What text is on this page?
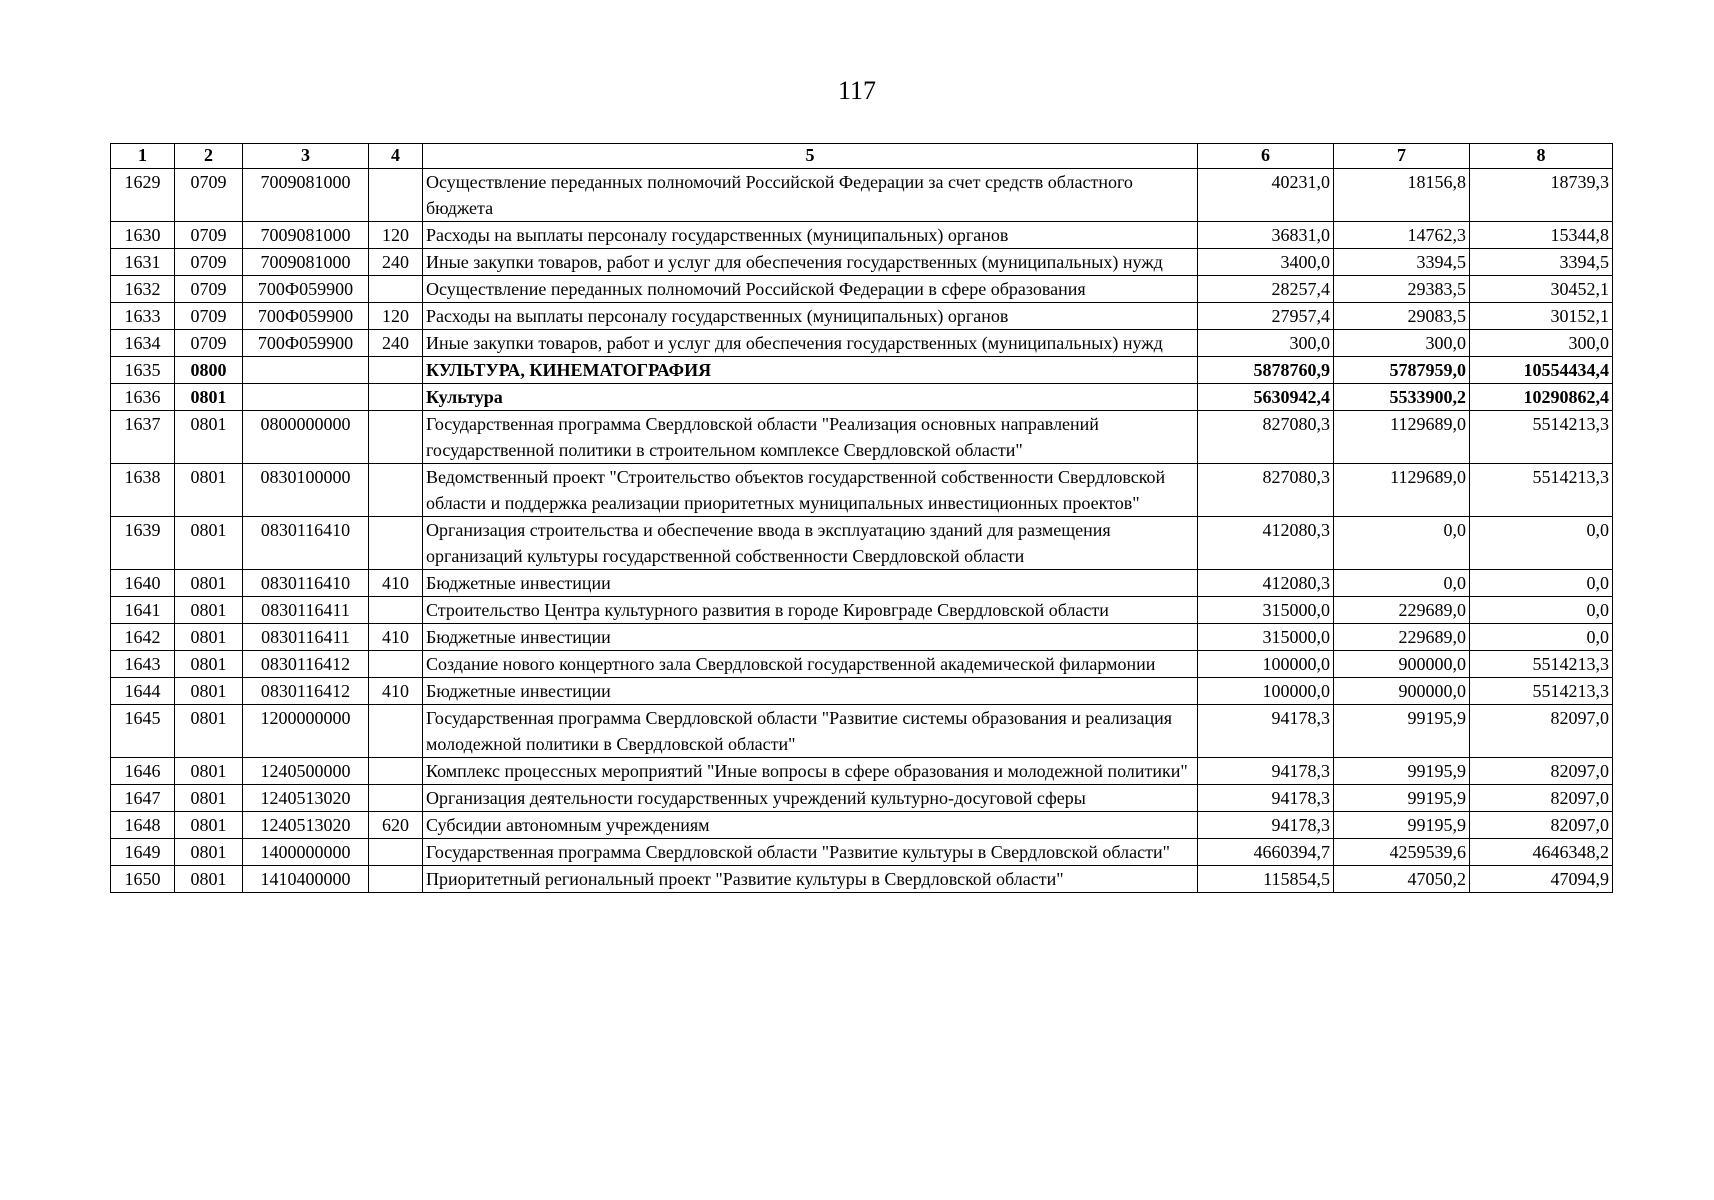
117
1	2	3	4	5	6	7	8
1629	0709	7009081000		Осуществление переданных полномочий Российской Федерации за счет средств областного бюджета	40231,0	18156,8	18739,3
1630	0709	7009081000	120	Расходы на выплаты персоналу государственных (муниципальных) органов	36831,0	14762,3	15344,8
1631	0709	7009081000	240	Иные закупки товаров, работ и услуг для обеспечения государственных (муниципальных) нужд	3400,0	3394,5	3394,5
1632	0709	700Ф059900		Осуществление переданных полномочий Российской Федерации в сфере образования	28257,4	29383,5	30452,1
1633	0709	700Ф059900	120	Расходы на выплаты персоналу государственных (муниципальных) органов	27957,4	29083,5	30152,1
1634	0709	700Ф059900	240	Иные закупки товаров, работ и услуг для обеспечения государственных (муниципальных) нужд	300,0	300,0	300,0
1635	0800			КУЛЬТУРА, КИНЕМАТОГРАФИЯ	5878760,9	5787959,0	10554434,4
1636	0801			Культура	5630942,4	5533900,2	10290862,4
1637	0801	0800000000		Государственная программа Свердловской области "Реализация основных направлений государственной политики в строительном комплексе Свердловской области"	827080,3	1129689,0	5514213,3
1638	0801	0830100000		Ведомственный проект "Строительство объектов государственной собственности Свердловской области и поддержка реализации приоритетных муниципальных инвестиционных проектов"	827080,3	1129689,0	5514213,3
1639	0801	0830116410		Организация строительства и обеспечение ввода в эксплуатацию зданий для размещения организаций культуры государственной собственности Свердловской области	412080,3	0,0	0,0
1640	0801	0830116410	410	Бюджетные инвестиции	412080,3	0,0	0,0
1641	0801	0830116411		Строительство Центра культурного развития в городе Кировграде Свердловской области	315000,0	229689,0	0,0
1642	0801	0830116411	410	Бюджетные инвестиции	315000,0	229689,0	0,0
1643	0801	0830116412		Создание нового концертного зала Свердловской государственной академической филармонии	100000,0	900000,0	5514213,3
1644	0801	0830116412	410	Бюджетные инвестиции	100000,0	900000,0	5514213,3
1645	0801	1200000000		Государственная программа Свердловской области "Развитие системы образования и реализация молодежной политики в Свердловской области"	94178,3	99195,9	82097,0
1646	0801	1240500000		Комплекс процессных мероприятий "Иные вопросы в сфере образования и молодежной политики"	94178,3	99195,9	82097,0
1647	0801	1240513020		Организация деятельности государственных учреждений культурно-досуговой сферы	94178,3	99195,9	82097,0
1648	0801	1240513020	620	Субсидии автономным учреждениям	94178,3	99195,9	82097,0
1649	0801	1400000000		Государственная программа Свердловской области "Развитие культуры в Свердловской области"	4660394,7	4259539,6	4646348,2
1650	0801	1410400000		Приоритетный региональный проект "Развитие культуры в Свердловской области"	115854,5	47050,2	47094,9
